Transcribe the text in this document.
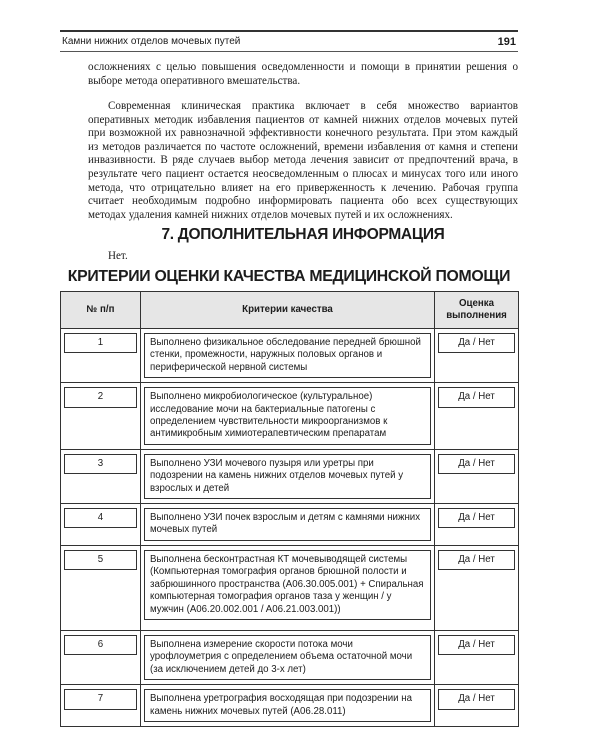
Камни нижних отделов мочевых путей	191
осложнениях с целью повышения осведомленности и помощи в принятии решения о выборе метода оперативного вмешательства.
Современная клиническая практика включает в себя множество вариантов оперативных методик избавления пациентов от камней нижних отделов мочевых путей при возможной их равнозначной эффективности конечного результата. При этом каждый из методов различается по частоте осложнений, времени избавления от камня и степени инвазивности. В ряде случаев выбор метода лечения зависит от предпочтений врача, в результате чего пациент остается неосведомленным о плюсах и минусах того или иного метода, что отрицательно влияет на его приверженность к лечению. Рабочая группа считает необходимым подробно информировать пациента обо всех существующих методах удаления камней нижних отделов мочевых путей и их осложнениях.
7. ДОПОЛНИТЕЛЬНАЯ ИНФОРМАЦИЯ
Нет.
КРИТЕРИИ ОЦЕНКИ КАЧЕСТВА МЕДИЦИНСКОЙ ПОМОЩИ
№ п/п	Критерии качества	Оценка выполнения

1	Выполнено физикальное обследование передней брюшной стенки, промежности, наружных половых органов и периферической нервной системы	Да / Нет

2	Выполнено микробиологическое (культуральное) исследование мочи на бактериальные патогены с определением чувствительности микроорганизмов к антимикробным химиотерапевтическим препаратам	Да / Нет

3	Выполнено УЗИ мочевого пузыря или уретры при подозрении на камень нижних отделов мочевых путей у взрослых и детей	Да / Нет

4	Выполнено УЗИ почек взрослым и детям с камнями нижних мочевых путей	Да / Нет

5	Выполнена бесконтрастная КТ мочевыводящей системы (Компьютерная томография органов брюшной полости и забрюшинного пространства (A06.30.005.001) + Спиральная компьютерная томография органов таза у женщин / у мужчин (A06.20.002.001 / A06.21.003.001))	Да / Нет

6	Выполнена измерение скорости потока мочи урофлоуметрия с определением объема остаточной мочи (за исключением детей до 3-х лет)	Да / Нет

7	Выполнена уретрография восходящая при подозрении на камень нижних мочевых путей (A06.28.011)	Да / Нет
